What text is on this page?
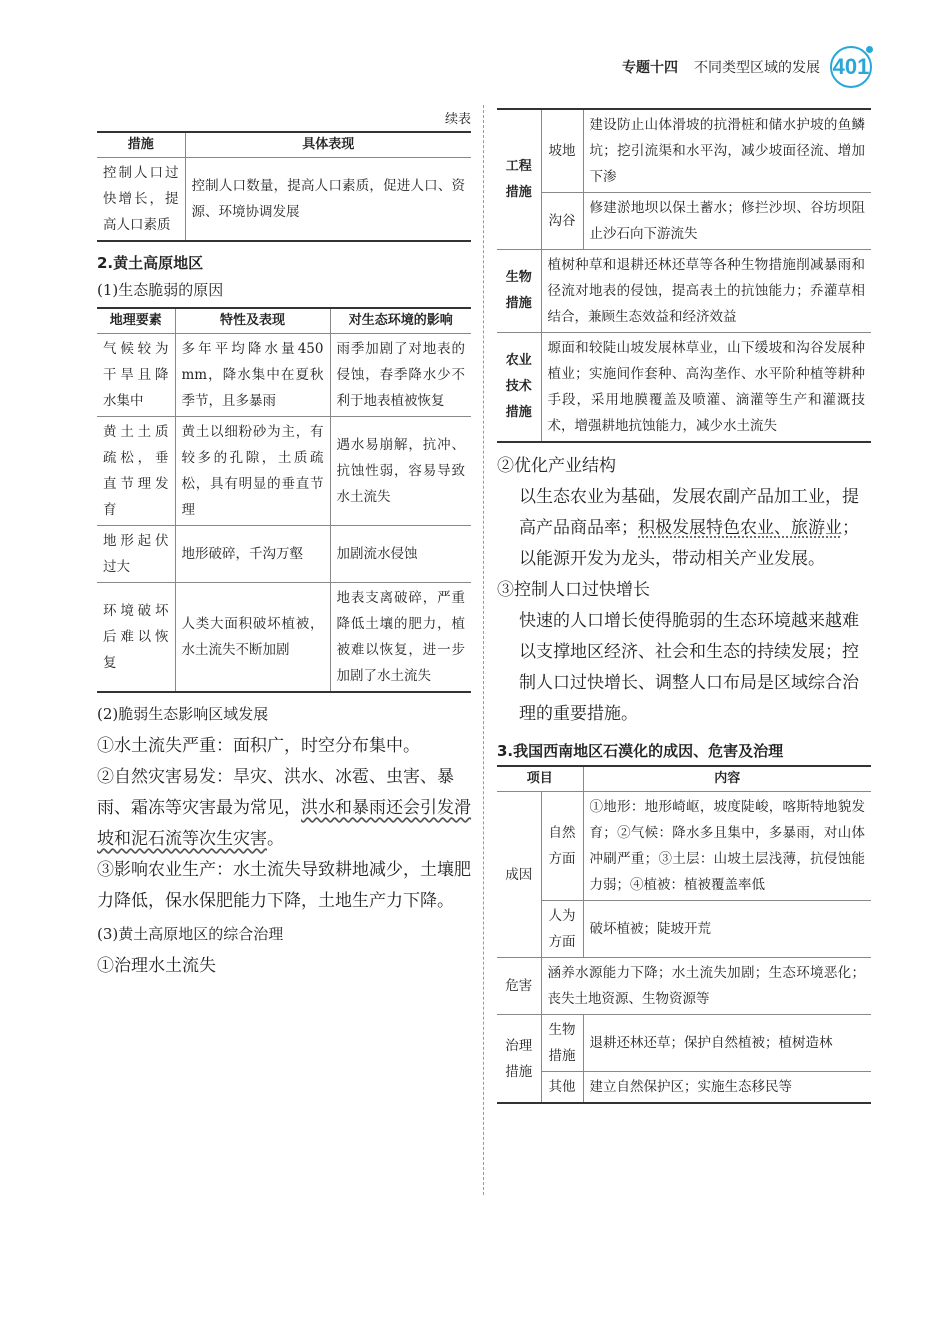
专题十四 不同类型区域的发展 401
续表
措施	具体表现
控制人口过快增长，提高人口素质	控制人口数量，提高人口素质，促进人口、资源、环境协调发展
2.黄土高原地区
(1)生态脆弱的原因
地理要素	特性及表现	对生态环境的影响
气候较为干旱且降水集中	多年平均降水量450 mm，降水集中在夏秋季节，且多暴雨	雨季加剧了对地表的侵蚀，春季降水少不利于地表植被恢复
黄土土质疏松，垂直节理发育	黄土以细粉砂为主，有较多的孔隙，土质疏松，具有明显的垂直节理	遇水易崩解，抗冲、抗蚀性弱，容易导致水土流失
地形起伏过大	地形破碎，千沟万壑	加剧流水侵蚀
环境破坏后难以恢复	人类大面积破坏植被，水土流失不断加剧	地表支离破碎，严重降低土壤的肥力，植被难以恢复，进一步加剧了水土流失
(2)脆弱生态影响区域发展
①水土流失严重：面积广，时空分布集中。
②自然灾害易发：旱灾、洪水、冰雹、虫害、暴雨、霜冻等灾害最为常见，洪水和暴雨还会引发滑坡和泥石流等次生灾害。
③影响农业生产：水土流失导致耕地减少，土壤肥力降低，保水保肥能力下降，土地生产力下降。
(3)黄土高原地区的综合治理
①治理水土流失
工程措施	坡地	建设防止山体滑坡的抗滑桩和储水护坡的鱼鳞坑；挖引流渠和水平沟，减少坡面径流、增加下渗
	沟谷	修建淤地坝以保土蓄水；修拦沙坝、谷坊坝阻止沙石向下游流失
生物措施	植树种草和退耕还林还草等各种生物措施削减暴雨和径流对地表的侵蚀，提高表土的抗蚀能力；乔灌草相结合，兼顾生态效益和经济效益	
农业技术措施	塬面和较陡山坡发展林草业，山下缓坡和沟谷发展种植业；实施间作套种、高沟垄作、水平阶种植等耕种手段，采用地膜覆盖及喷灌、滴灌等生产和灌溉技术，增强耕地抗蚀能力，减少水土流失	
②优化产业结构
以生态农业为基础，发展农副产品加工业，提高产品商品率；积极发展特色农业、旅游业；以能源开发为龙头，带动相关产业发展。
③控制人口过快增长
快速的人口增长使得脆弱的生态环境越来越难以支撑地区经济、社会和生态的持续发展；控制人口过快增长、调整人口布局是区域综合治理的重要措施。
3.我国西南地区石漠化的成因、危害及治理
项目		内容
成因	自然方面	①地形：地形崎岖，坡度陡峻，喀斯特地貌发育；②气候：降水多且集中，多暴雨，对山体冲刷严重；③土层：山坡土层浅薄，抗侵蚀能力弱；④植被：植被覆盖率低
	人为方面	破坏植被；陡坡开荒
危害	涵养水源能力下降；水土流失加剧；生态环境恶化；丧失土地资源、生物资源等	
治理措施	生物措施	退耕还林还草；保护自然植被；植树造林
	其他	建立自然保护区；实施生态移民等
